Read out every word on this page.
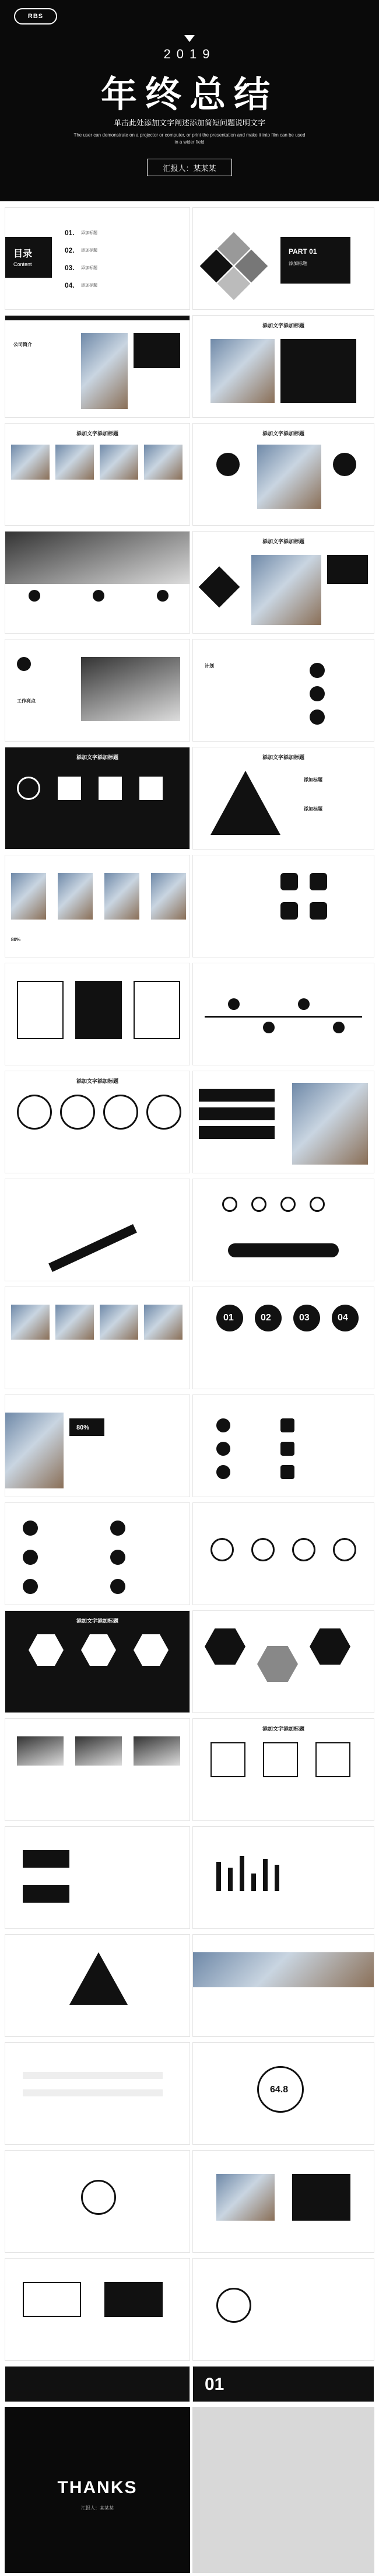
RBS
2019
年终总结
单击此处添加文字阐述添加简短问题说明文字
The user can demonstrate on a projector or computer, or print the presentation and make it into film can be used in a wider field
汇报人：某某某
目录
Content
01. 添加标题
02. 添加标题
03. 添加标题
04. 添加标题
PART 01
添加标题
公司简介
添加文字添加标题
添加文字添加标题	添加文字添加标题
添加文字添加标题
工作亮点
计划
添加文字添加标题	添加文字添加标题
添加标题
添加标题
80%
添加文字添加标题
01	02	03	04
80%
添加文字添加标题
添加文字添加标题
64.8
01
THANKS
汇报人：某某某
